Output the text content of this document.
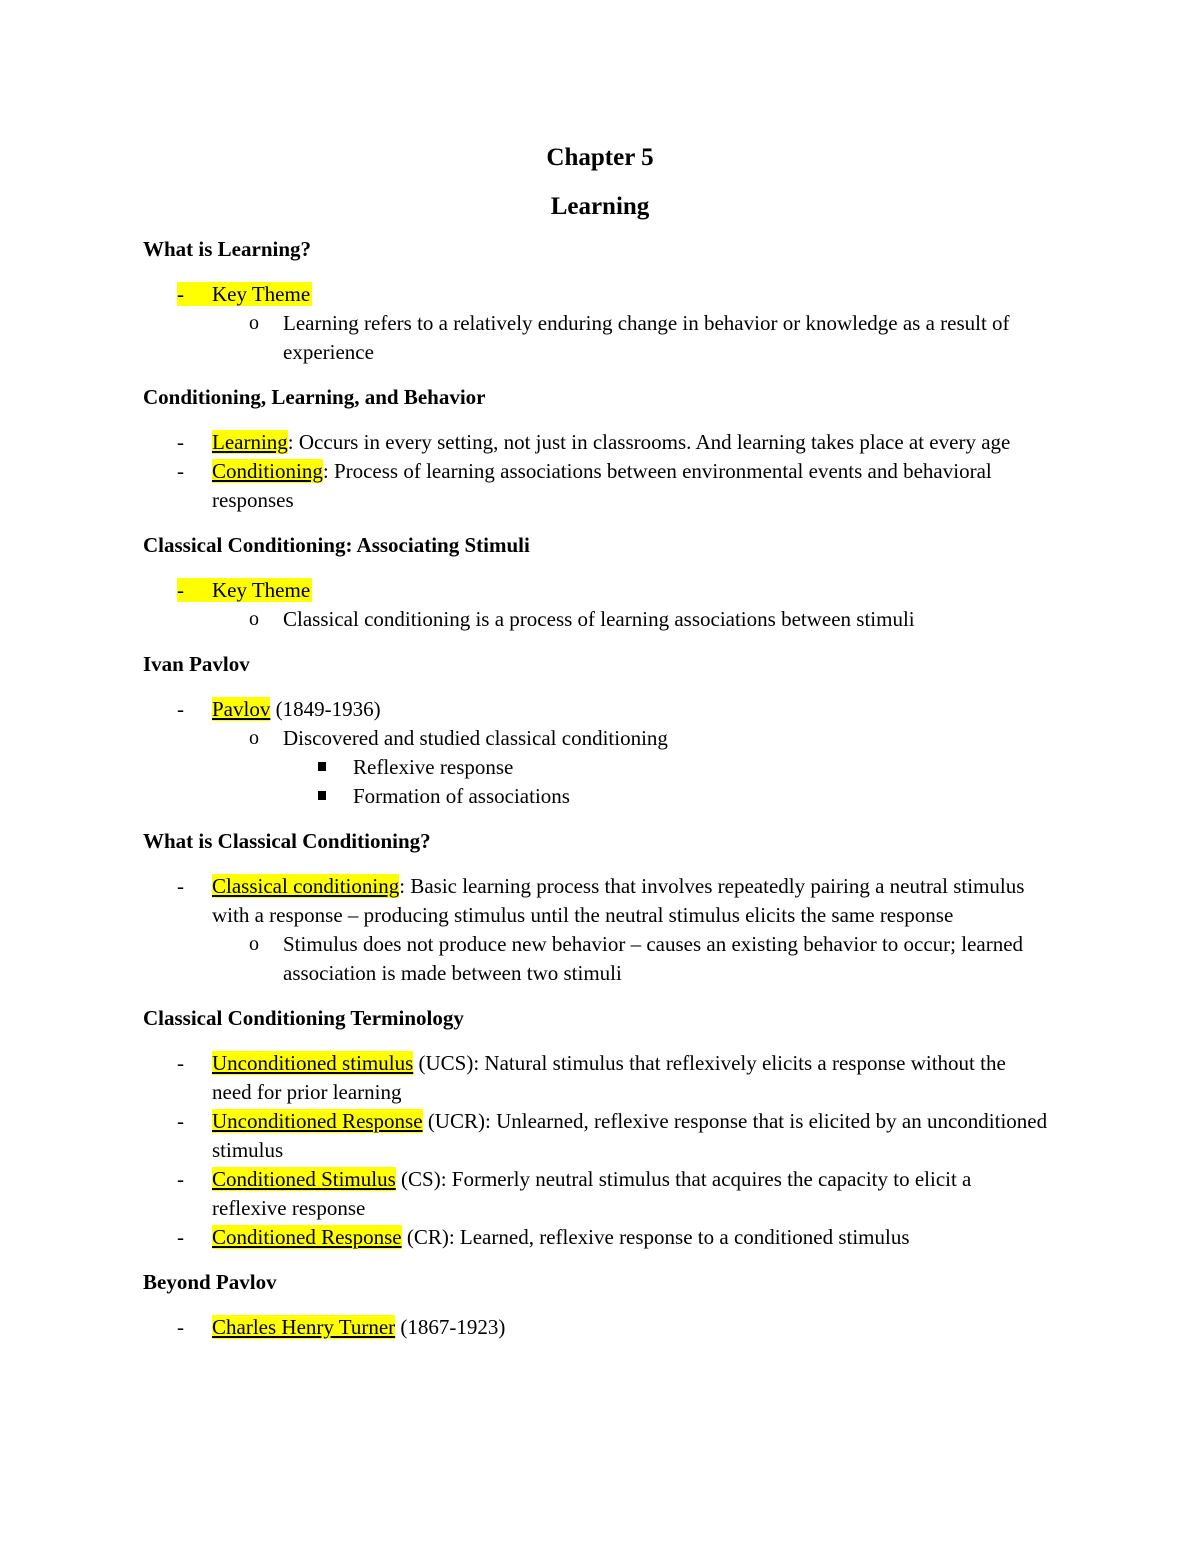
Chapter 5
Learning
What is Learning?
- Key Theme
o Learning refers to a relatively enduring change in behavior or knowledge as a result of experience
Conditioning, Learning, and Behavior
- Learning: Occurs in every setting, not just in classrooms. And learning takes place at every age
- Conditioning: Process of learning associations between environmental events and behavioral responses
Classical Conditioning: Associating Stimuli
- Key Theme
o Classical conditioning is a process of learning associations between stimuli
Ivan Pavlov
- Pavlov (1849-1936)
o Discovered and studied classical conditioning
Reflexive response
Formation of associations
What is Classical Conditioning?
- Classical conditioning: Basic learning process that involves repeatedly pairing a neutral stimulus with a response – producing stimulus until the neutral stimulus elicits the same response
o Stimulus does not produce new behavior – causes an existing behavior to occur; learned association is made between two stimuli
Classical Conditioning Terminology
- Unconditioned stimulus (UCS): Natural stimulus that reflexively elicits a response without the need for prior learning
- Unconditioned Response (UCR): Unlearned, reflexive response that is elicited by an unconditioned stimulus
- Conditioned Stimulus (CS): Formerly neutral stimulus that acquires the capacity to elicit a reflexive response
- Conditioned Response (CR): Learned, reflexive response to a conditioned stimulus
Beyond Pavlov
- Charles Henry Turner (1867-1923)
